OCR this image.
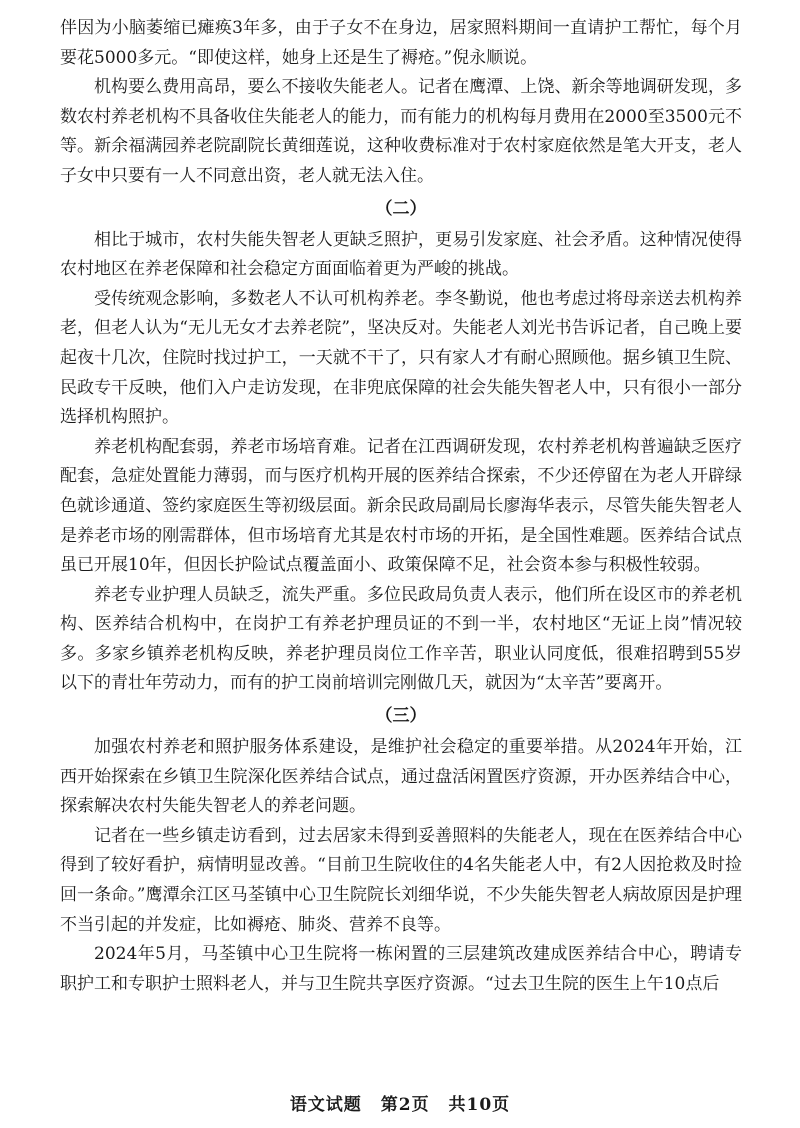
伴因为小脑萎缩已瘫痪3年多，由于子女不在身边，居家照料期间一直请护工帮忙，每个月要花5000多元。“即使这样，她身上还是生了褥疮。”倪永顺说。

机构要么费用高昂，要么不接收失能老人。记者在鹰潭、上饶、新余等地调研发现，多数农村养老机构不具备收住失能老人的能力，而有能力的机构每月费用在2000至3500元不等。新余福满园养老院副院长黄细莲说，这种收费标准对于农村家庭依然是笔大开支，老人子女中只要有一人不同意出资，老人就无法入住。

（二）

相比于城市，农村失能失智老人更缺乏照护，更易引发家庭、社会矛盾。这种情况使得农村地区在养老保障和社会稳定方面面临着更为严峻的挑战。

受传统观念影响，多数老人不认可机构养老。李冬勤说，他也考虑过将母亲送去机构养老，但老人认为“无儿无女才去养老院”，坚决反对。失能老人刘光书告诉记者，自己晚上要起夜十几次，住院时找过护工，一天就不干了，只有家人才有耐心照顾他。据乡镇卫生院、民政专干反映，他们入户走访发现，在非兜底保障的社会失能失智老人中，只有很小一部分选择机构照护。

养老机构配套弱，养老市场培育难。记者在江西调研发现，农村养老机构普遍缺乏医疗配套，急症处置能力薄弱，而与医疗机构开展的医养结合探索，不少还停留在为老人开辟绿色就诊通道、签约家庭医生等初级层面。新余民政局副局长廖海华表示，尽管失能失智老人是养老市场的刚需群体，但市场培育尤其是农村市场的开拓，是全国性难题。医养结合试点虽已开展10年，但因长护险试点覆盖面小、政策保障不足，社会资本参与积极性较弱。

养老专业护理人员缺乏，流失严重。多位民政局负责人表示，他们所在设区市的养老机构、医养结合机构中，在岗护工有养老护理员证的不到一半，农村地区“无证上岗”情况较多。多家乡镇养老机构反映，养老护理员岗位工作辛苦，职业认同度低，很难招聘到55岁以下的青壮年劳动力，而有的护工岗前培训完刚做几天，就因为“太辛苦”要离开。

（三）

加强农村养老和照护服务体系建设，是维护社会稳定的重要举措。从2024年开始，江西开始探索在乡镇卫生院深化医养结合试点，通过盘活闲置医疗资源，开办医养结合中心，探索解决农村失能失智老人的养老问题。

记者在一些乡镇走访看到，过去居家未得到妥善照料的失能老人，现在在医养结合中心得到了较好看护，病情明显改善。“目前卫生院收住的4名失能老人中，有2人因抢救及时捡回一条命。”鹰潭余江区马荃镇中心卫生院院长刘细华说，不少失能失智老人病故原因是护理不当引起的并发症，比如褥疮、肺炎、营养不良等。

2024年5月，马荃镇中心卫生院将一栋闲置的三层建筑改建成医养结合中心，聘请专职护工和专职护士照料老人，并与卫生院共享医疗资源。“过去卫生院的医生上午10点后

语文试题 第2页 共10页
